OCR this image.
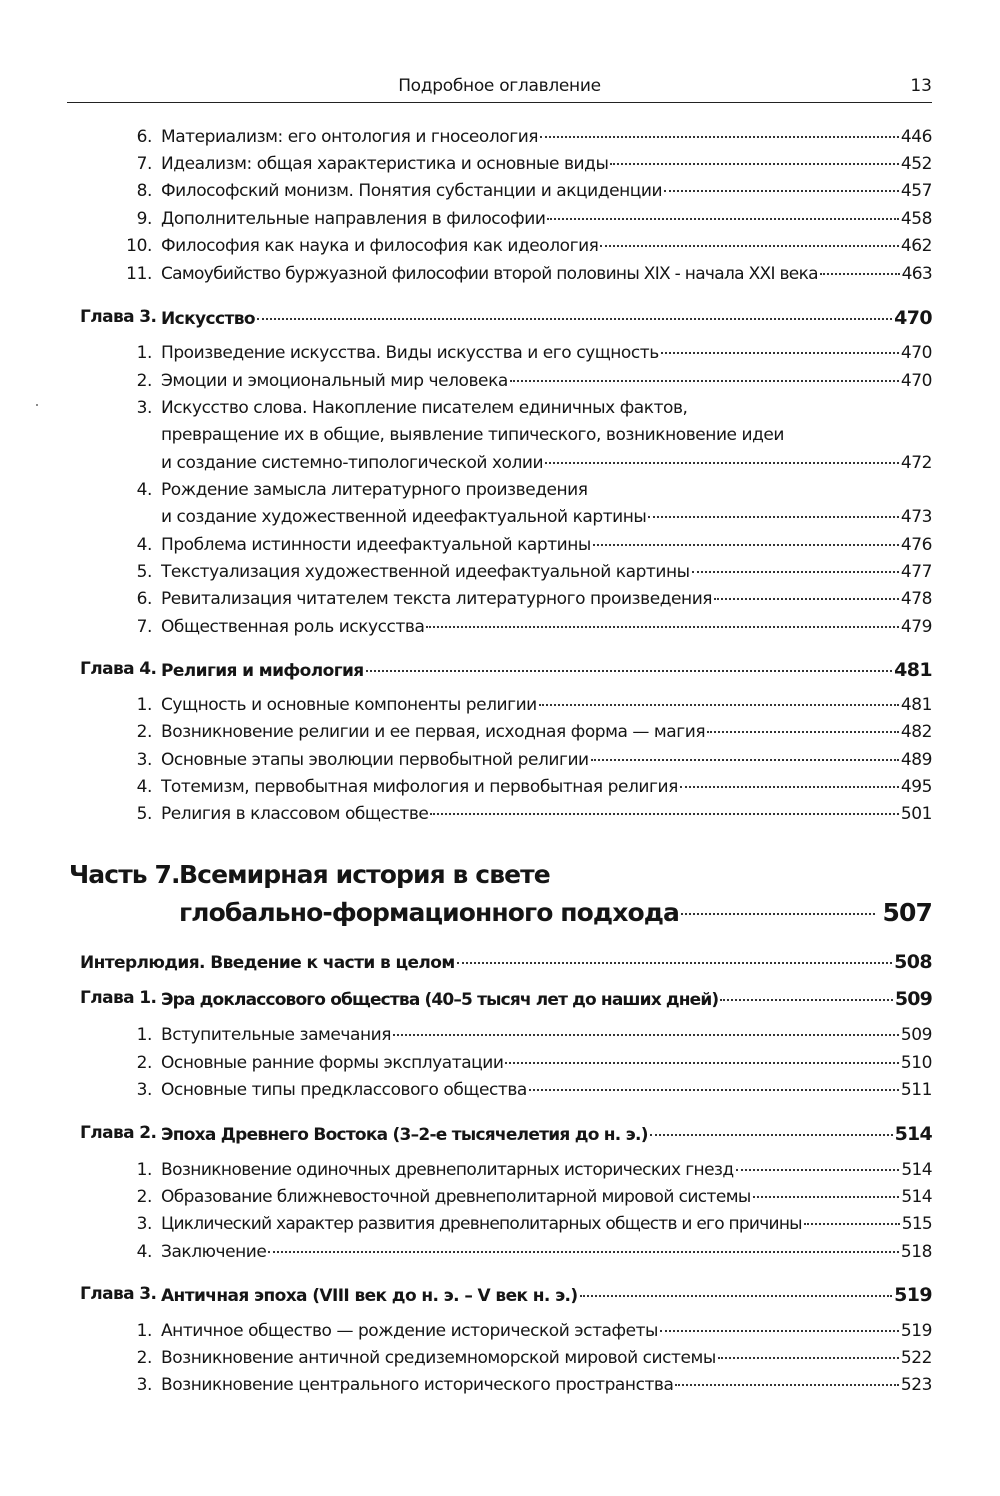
Подробное оглавление	13
6. Материализм: его онтология и гносеология	446
7. Идеализм: общая характеристика и основные виды	452
8. Философский монизм. Понятия субстанции и акциденции	457
9. Дополнительные направления в философии	458
10. Философия как наука и философия как идеология	462
11. Самоубийство буржуазной философии второй половины XIX - начала XXI века	463
Глава 3. Искусство	470
1. Произведение искусства. Виды искусства и его сущность	470
2. Эмоции и эмоциональный мир человека	470
3. Искусство слова. Накопление писателем единичных фактов,
превращение их в общие, выявление типического, возникновение идеи
и создание системно-типологической холии	472
4. Рождение замысла литературного произведения
и создание художественной идеефактуальной картины	473
4. Проблема истинности идеефактуальной картины	476
5. Текстуализация художественной идеефактуальной картины	477
6. Ревитализация читателем текста литературного произведения	478
7. Общественная роль искусства	479
Глава 4. Религия и мифология	481
1. Сущность и основные компоненты религии	481
2. Возникновение религии и ее первая, исходная форма — магия	482
3. Основные этапы эволюции первобытной религии	489
4. Тотемизм, первобытная мифология и первобытная религия	495
5. Религия в классовом обществе	501
Часть 7. Всемирная история в свете
глобально-формационного подхода	507
Интерлюдия. Введение к части в целом	508
Глава 1. Эра доклассового общества (40–5 тысяч лет до наших дней)	509
1. Вступительные замечания	509
2. Основные ранние формы эксплуатации	510
3. Основные типы предклассового общества	511
Глава 2. Эпоха Древнего Востока (3–2-е тысячелетия до н. э.)	514
1. Возникновение одиночных древнеполитарных исторических гнезд	514
2. Образование ближневосточной древнеполитарной мировой системы	514
3. Циклический характер развития древнеполитарных обществ и его причины	515
4. Заключение	518
Глава 3. Античная эпоха (VIII век до н. э. – V век н. э.)	519
1. Античное общество — рождение исторической эстафеты	519
2. Возникновение античной средиземноморской мировой системы	522
3. Возникновение центрального исторического пространства	523
